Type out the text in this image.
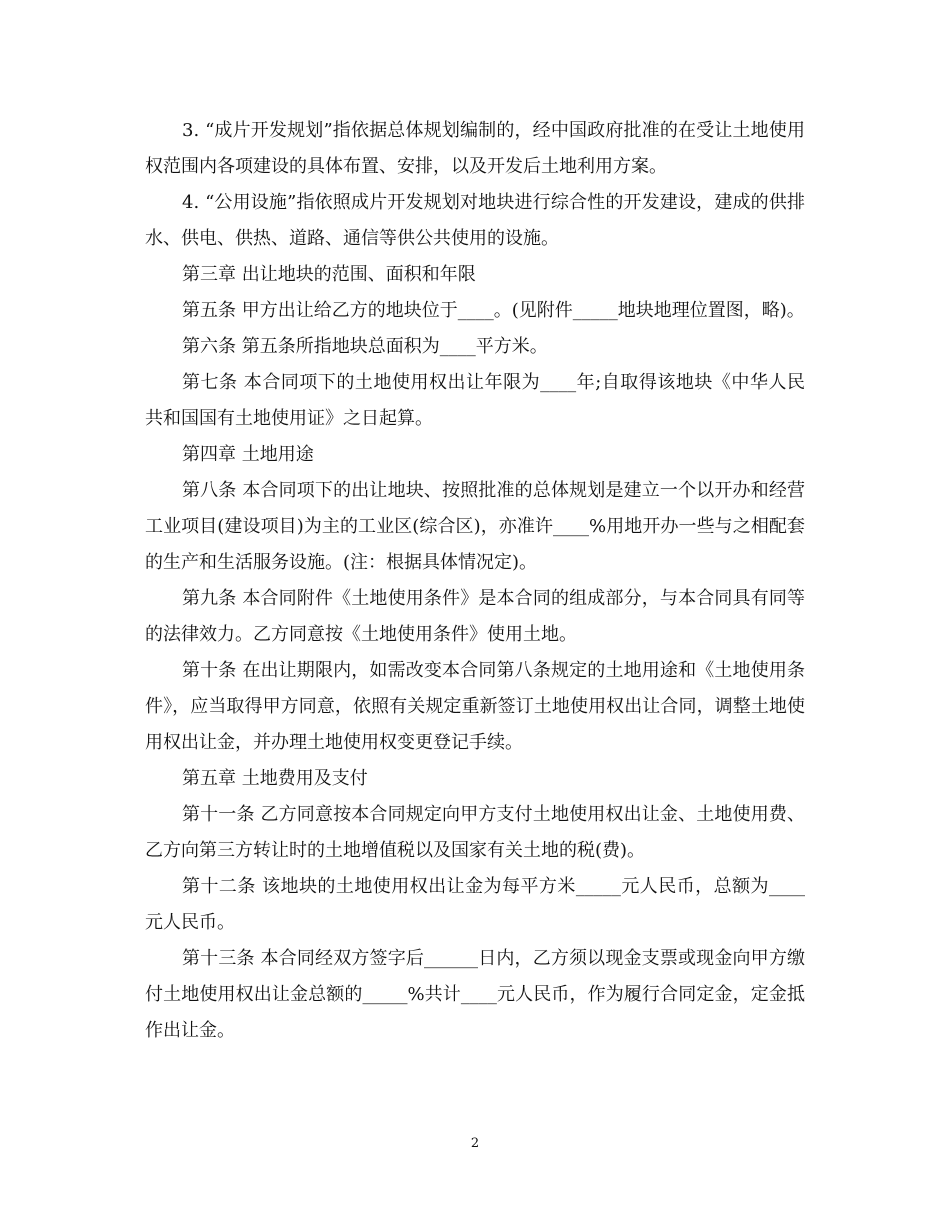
3. “成片开发规划”指依据总体规划编制的，经中国政府批准的在受让土地使用权范围内各项建设的具体布置、安排，以及开发后土地利用方案。

4. “公用设施”指依照成片开发规划对地块进行综合性的开发建设，建成的供排水、供电、供热、道路、通信等供公共使用的设施。

第三章 出让地块的范围、面积和年限

第五条 甲方出让给乙方的地块位于____。(见附件_____地块地理位置图，略)。

第六条 第五条所指地块总面积为____平方米。

第七条 本合同项下的土地使用权出让年限为____年;自取得该地块《中华人民共和国国有土地使用证》之日起算。

第四章 土地用途

第八条 本合同项下的出让地块、按照批准的总体规划是建立一个以开办和经营工业项目(建设项目)为主的工业区(综合区)，亦准许____%用地开办一些与之相配套的生产和生活服务设施。(注：根据具体情况定)。

第九条 本合同附件《土地使用条件》是本合同的组成部分，与本合同具有同等的法律效力。乙方同意按《土地使用条件》使用土地。

第十条 在出让期限内，如需改变本合同第八条规定的土地用途和《土地使用条件》，应当取得甲方同意，依照有关规定重新签订土地使用权出让合同，调整土地使用权出让金，并办理土地使用权变更登记手续。

第五章 土地费用及支付

第十一条 乙方同意按本合同规定向甲方支付土地使用权出让金、土地使用费、乙方向第三方转让时的土地增值税以及国家有关土地的税(费)。

第十二条 该地块的土地使用权出让金为每平方米_____元人民币，总额为____元人民币。

第十三条 本合同经双方签字后______日内，乙方须以现金支票或现金向甲方缴付土地使用权出让金总额的_____%共计____元人民币，作为履行合同定金，定金抵作出让金。

2
